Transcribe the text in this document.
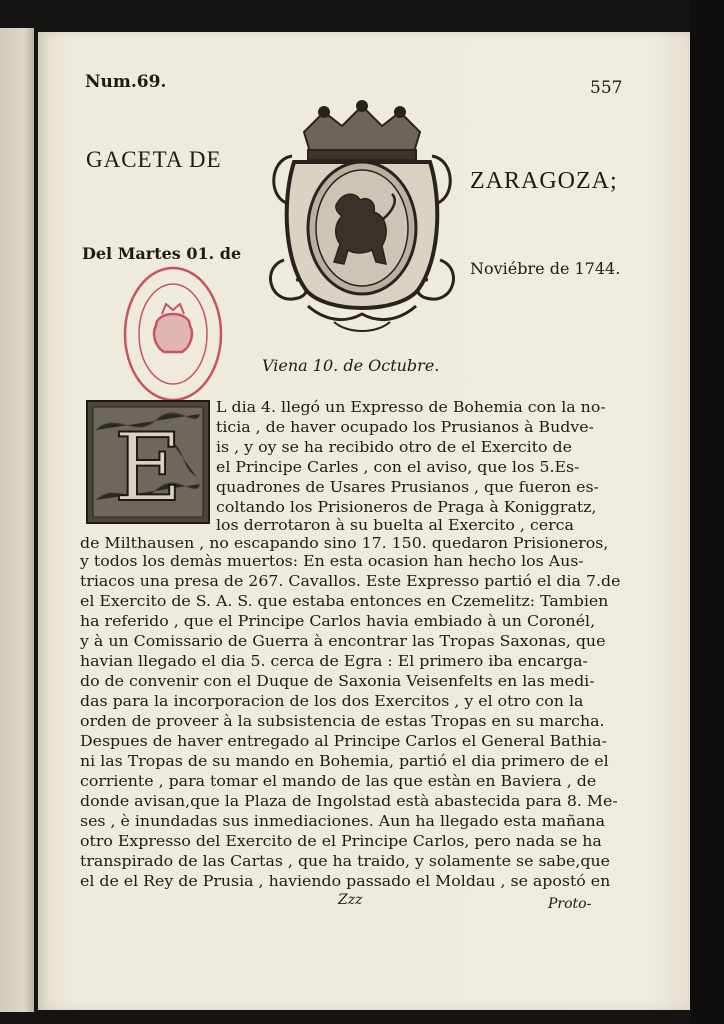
Num.69.	557
GACETA DE
ZARAGOZA;
Del Martes 01. de
Noviébre de 1744.
Viena 10. de Octubre.
E
L dia 4. llegó un Expresso de Bohemia con la no-
ticia , de haver ocupado los Prusianos à Budve-
is , y oy se ha recibido otro de el Exercito de
el Principe Carles , con el aviso, que los 5.Es-
quadrones de Usares Prusianos , que fueron es-
coltando los Prisioneros de Praga à Koniggratz,
los derrotaron à su buelta al Exercito , cerca
de Milthausen , no escapando sino 17. 150. quedaron Prisioneros,
y todos los demàs muertos: En esta ocasion han hecho los Aus-
triacos una presa de 267. Cavallos. Este Expresso partió el dia 7.de
el Exercito de S. A. S. que estaba entonces en Czemelitz: Tambien
ha referido , que el Principe Carlos havia embiado à un Coronél,
y à un Comissario de Guerra à encontrar las Tropas Saxonas, que
havian llegado el dia 5. cerca de Egra : El primero iba encarga-
do de convenir con el Duque de Saxonia Veisenfelts en las medi-
das para la incorporacion de los dos Exercitos , y el otro con la
orden de proveer à la subsistencia de estas Tropas en su marcha.
Despues de haver entregado al Principe Carlos el General Bathia-
ni las Tropas de su mando en Bohemia, partió el dia primero de el
corriente , para tomar el mando de las que estàn en Baviera , de
donde avisan,que la Plaza de Ingolstad està abastecida para 8. Me-
ses , è inundadas sus inmediaciones. Aun ha llegado esta mañana
otro Expresso del Exercito de el Principe Carlos, pero nada se ha
transpirado de las Cartas , que ha traido, y solamente se sabe,que
el de el Rey de Prusia , haviendo passado el Moldau , se apostó en
Zzz	Proto-
